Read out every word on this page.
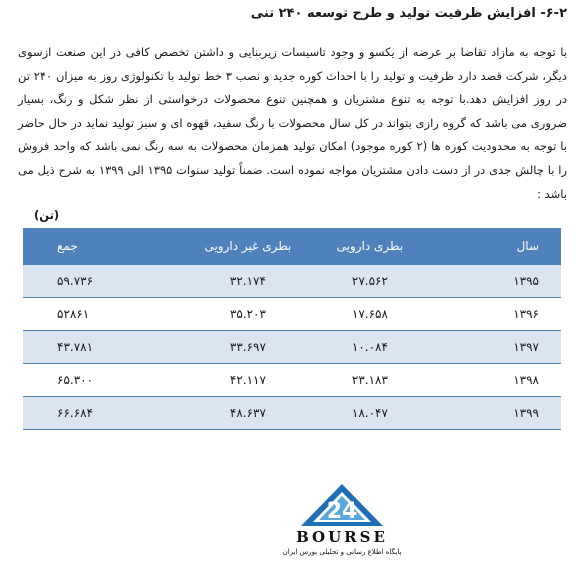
۶-۲- افزایش ظرفیت تولید و طرح توسعه ۲۴۰ تنی
با توجه به مازاد تقاضا بر عرضه از یکسو و وجود تاسیسات زیربنایی و داشتن تخصص کافی در این صنعت ازسوی دیگر، شرکت قصد دارد ظرفیت و تولید را با احداث کوره جدید و نصب ۳ خط تولید با تکنولوژی روز به میزان ۲۴۰ تن در روز افزایش دهد.با توجه به تنوع مشتریان و همچنین تنوع محصولات درخواستی از نظر شکل و رنگ، بسیار ضروری می باشد که گروه رازی بتواند در کل سال محصولات با رنگ سفید، قهوه ای و سبز تولید نماید در حال حاضر با توجه به محدودیت کوره ها (۲ کوره موجود) امکان تولید همزمان محصولات به سه رنگ نمی باشد که واحد فروش را با چالش جدی در از دست دادن مشتریان مواجه نموده است. ضمناً تولید سنوات ۱۳۹۵ الی ۱۳۹۹ به شرح ذیل می باشد :
(تن)
سال	بطری دارویی	بطری غیر دارویی	جمع
۱۳۹۵	۲۷.۵۶۲	۳۲.۱۷۴	۵۹.۷۳۶
۱۳۹۶	۱۷.۶۵۸	۳۵.۲۰۳	۵۲۸۶۱
۱۳۹۷	۱۰.۰۸۴	۳۳.۶۹۷	۴۳.۷۸۱
۱۳۹۸	۲۳.۱۸۳	۴۲.۱۱۷	۶۵.۳۰۰
۱۳۹۹	۱۸.۰۴۷	۴۸.۶۳۷	۶۶.۶۸۴
24
BOURSE
پایگاه اطلاع رسانی و تحلیلی بورس ایران
